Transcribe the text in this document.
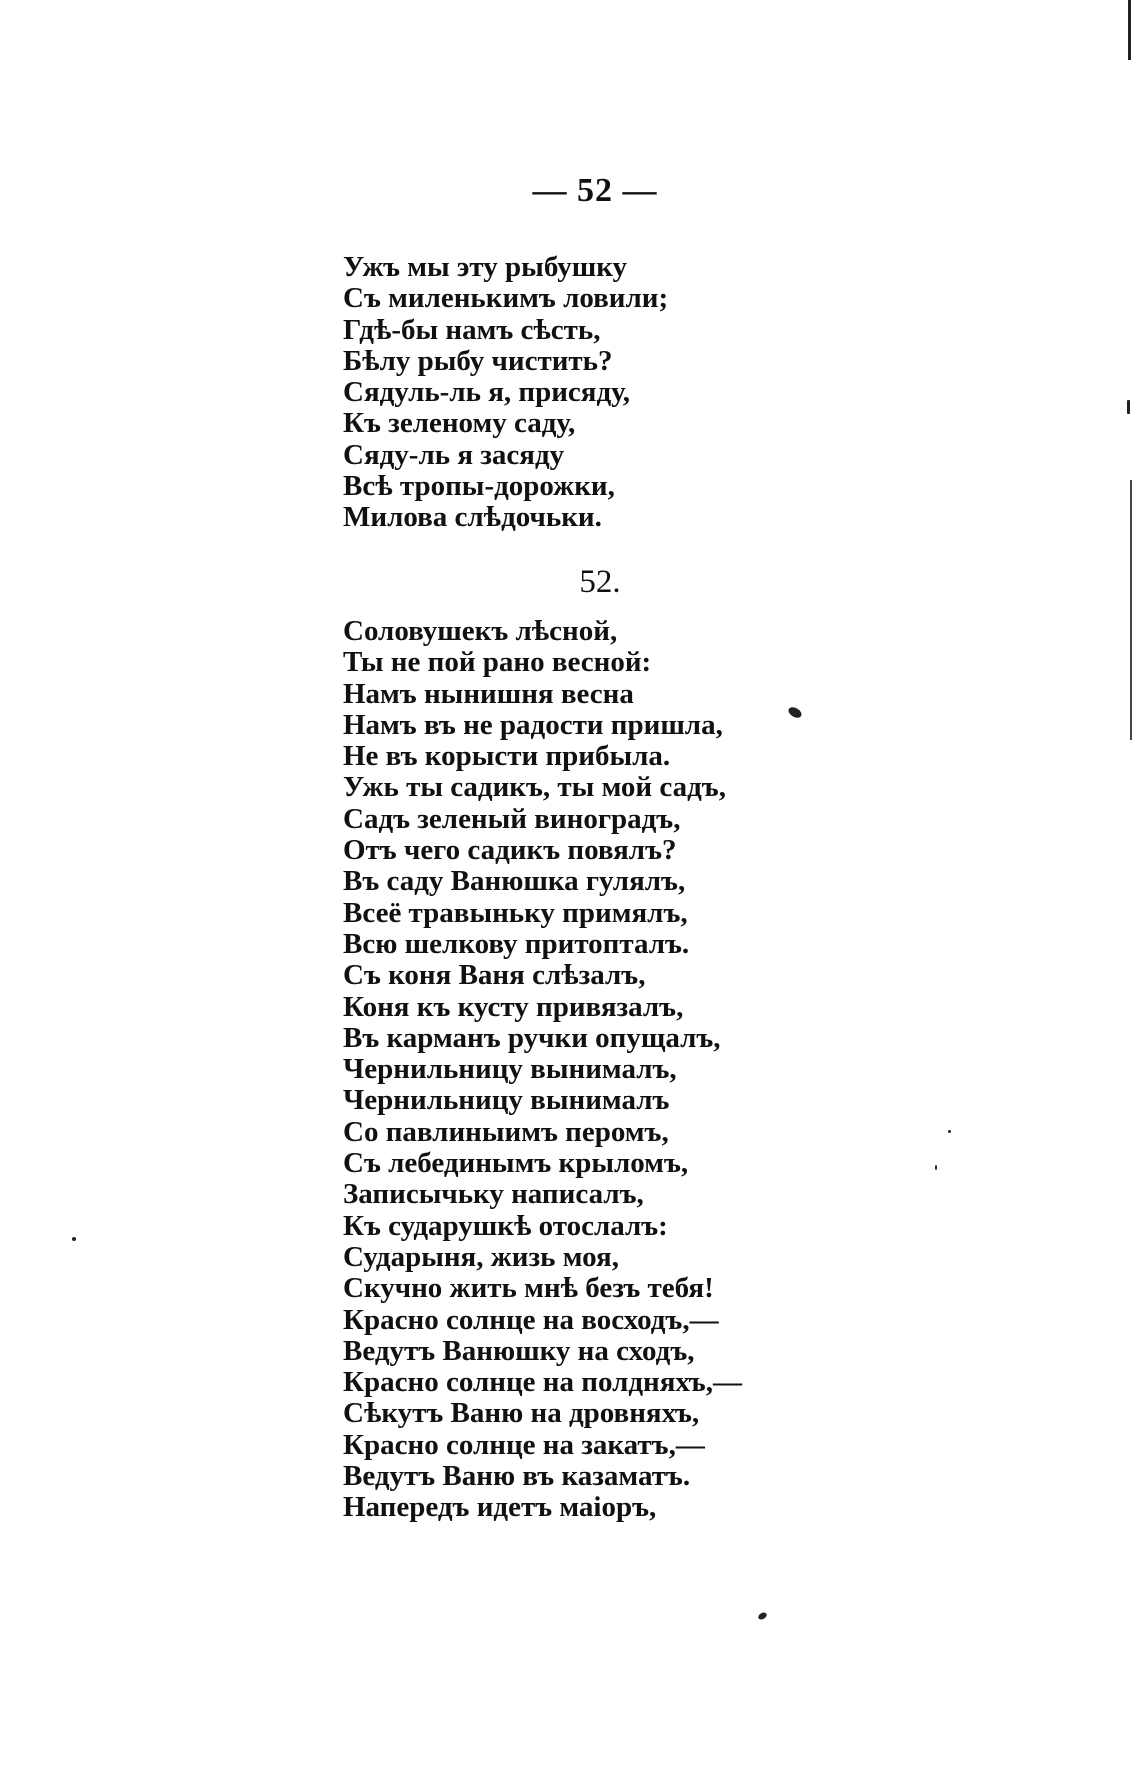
— 52 —
Ужъ мы эту рыбушку
Съ миленькимъ ловили;
Гдѣ-бы намъ сѣсть,
Бѣлу рыбу чистить?
Сядуль-ль я, присяду,
Къ зеленому саду,
Сяду-ль я засяду
Всѣ тропы-дорожки,
Милова слѣдочьки.
52.
Соловушекъ лѣсной,
Ты не пой рано весной:
Намъ нынишня весна
Намъ въ не радости пришла,
Не въ корысти прибыла.
Ужь ты садикъ, ты мой садъ,
Садъ зеленый виноградъ,
Отъ чего садикъ повялъ?
Въ саду Ванюшка гулялъ,
Всеё травыньку примялъ,
Всю шелкову притопталъ.
Съ коня Ваня слѣзалъ,
Коня къ кусту привязалъ,
Въ карманъ ручки опущалъ,
Чернильницу вынималъ,
Чернильницу вынималъ
Со павлиныимъ перомъ,
Съ лебединымъ крыломъ,
Записычьку написалъ,
Къ сударушкѣ отослалъ:
Сударыня, жизь моя,
Скучно жить мнѣ безъ тебя!
Красно солнце на восходъ,—
Ведутъ Ванюшку на сходъ,
Красно солнце на полдняхъ,—
Сѣкутъ Ваню на дровняхъ,
Красно солнце на закатъ,—
Ведутъ Ваню въ казаматъ.
Напередъ идетъ маіоръ,
